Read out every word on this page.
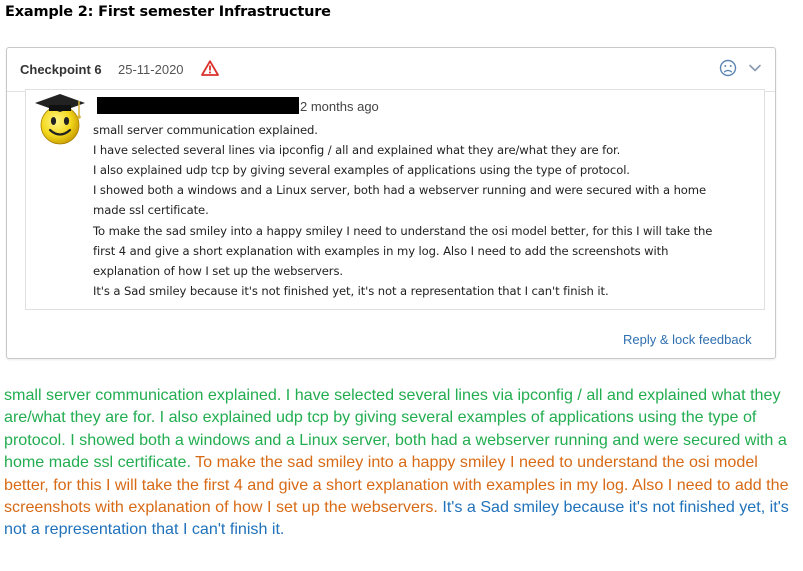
Example 2: First semester Infrastructure
Checkpoint 6 25-11-2020
2 months ago
small server communication explained.
I have selected several lines via ipconfig / all and explained what they are/what they are for.
I also explained udp tcp by giving several examples of applications using the type of protocol.
I showed both a windows and a Linux server, both had a webserver running and were secured with a home
made ssl certificate.
To make the sad smiley into a happy smiley I need to understand the osi model better, for this I will take the
first 4 and give a short explanation with examples in my log. Also I need to add the screenshots with
explanation of how I set up the webservers.
It's a Sad smiley because it's not finished yet, it's not a representation that I can't finish it.
Reply & lock feedback

small server communication explained. I have selected several lines via ipconfig / all and explained what they are/what they are for. I also explained udp tcp by giving several examples of applications using the type of protocol. I showed both a windows and a Linux server, both had a webserver running and were secured with a home made ssl certificate. To make the sad smiley into a happy smiley I need to understand the osi model better, for this I will take the first 4 and give a short explanation with examples in my log. Also I need to add the screenshots with explanation of how I set up the webservers. It's a Sad smiley because it's not finished yet, it's not a representation that I can't finish it.
